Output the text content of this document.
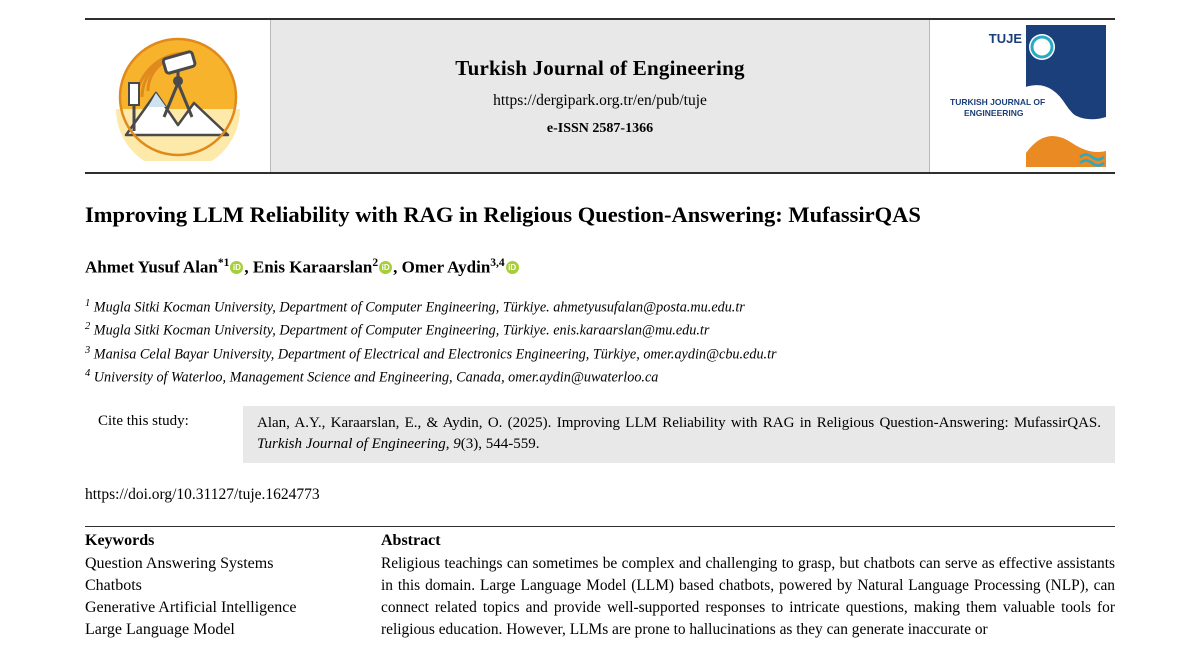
Turkish Journal of Engineering
https://dergipark.org.tr/en/pub/tuje
e-ISSN 2587-1366
TUJE
TURKISH JOURNAL OF
ENGINEERING
Improving LLM Reliability with RAG in Religious Question-Answering: MufassirQAS
Ahmet Yusuf Alan$^{*1}$ iD , Enis Karaarslan$^2$ iD , Omer Aydin$^{3,4}$iD
$^1$ Mugla Sitki Kocman University, Department of Computer Engineering, Türkiye. ahmetyusufalan@posta.mu.edu.tr
$^2$ Mugla Sitki Kocman University, Department of Computer Engineering, Türkiye. enis.karaarslan@mu.edu.tr
$^3$ Manisa Celal Bayar University, Department of Electrical and Electronics Engineering, Türkiye, omer.aydin@cbu.edu.tr
$^4$ University of Waterloo, Management Science and Engineering, Canada, omer.aydin@uwaterloo.ca
Cite this study:	Alan, A.Y., Karaarslan, E., & Aydin, O. (2025). Improving LLM Reliability with RAG in Religious Question-Answering: MufassirQAS. Turkish Journal of Engineering, 9(3), 544-559.
https://doi.org/10.31127/tuje.1624773
Keywords
Question Answering Systems
Chatbots
Generative Artificial Intelligence
Large Language Model
Abstract
Religious teachings can sometimes be complex and challenging to grasp, but chatbots can serve as effective assistants in this domain. Large Language Model (LLM) based chatbots, powered by Natural Language Processing (NLP), can connect related topics and provide well-supported responses to intricate questions, making them valuable tools for religious education. However, LLMs are prone to hallucinations as they can generate inaccurate or
